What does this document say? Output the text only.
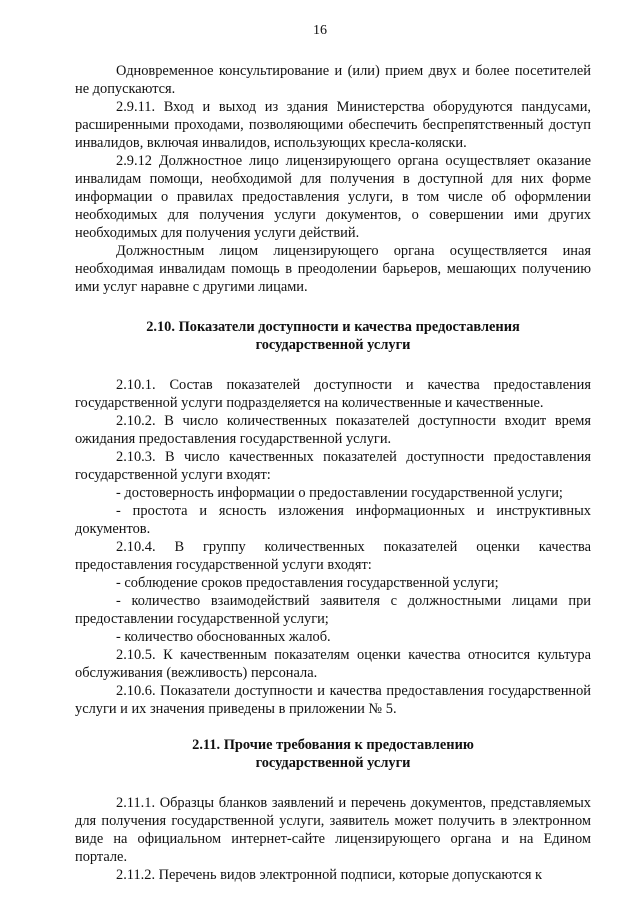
16

Одновременное консультирование и (или) прием двух и более посетителей не допускаются.

2.9.11. Вход и выход из здания Министерства оборудуются пандусами, расширенными проходами, позволяющими обеспечить беспрепятственный доступ инвалидов, включая инвалидов, использующих кресла-коляски.

2.9.12 Должностное лицо лицензирующего органа осуществляет оказание инвалидам помощи, необходимой для получения в доступной для них форме информации о правилах предоставления услуги, в том числе об оформлении необходимых для получения услуги документов, о совершении ими других необходимых для получения услуги действий.

Должностным лицом лицензирующего органа осуществляется иная необходимая инвалидам помощь в преодолении барьеров, мешающих получению ими услуг наравне с другими лицами.

2.10. Показатели доступности и качества предоставления

государственной услуги

2.10.1. Состав показателей доступности и качества предоставления государственной услуги подразделяется на количественные и качественные.

2.10.2. В число количественных показателей доступности входит время ожидания предоставления государственной услуги.

2.10.3. В число качественных показателей доступности предоставления государственной услуги входят:

- достоверность информации о предоставлении государственной услуги;

- простота и ясность изложения информационных и инструктивных документов.

2.10.4. В группу количественных показателей оценки качества предоставления государственной услуги входят:

- соблюдение сроков предоставления государственной услуги;

- количество взаимодействий заявителя с должностными лицами при предоставлении государственной услуги;

- количество обоснованных жалоб.

2.10.5. К качественным показателям оценки качества относится культура обслуживания (вежливость) персонала.

2.10.6. Показатели доступности и качества предоставления государственной услуги и их значения приведены в приложении № 5.

2.11. Прочие требования к предоставлению

государственной услуги

2.11.1. Образцы бланков заявлений и перечень документов, представляемых для получения государственной услуги, заявитель может получить в электронном виде на официальном интернет-сайте лицензирующего органа и на Едином портале.

2.11.2. Перечень видов электронной подписи, которые допускаются к
